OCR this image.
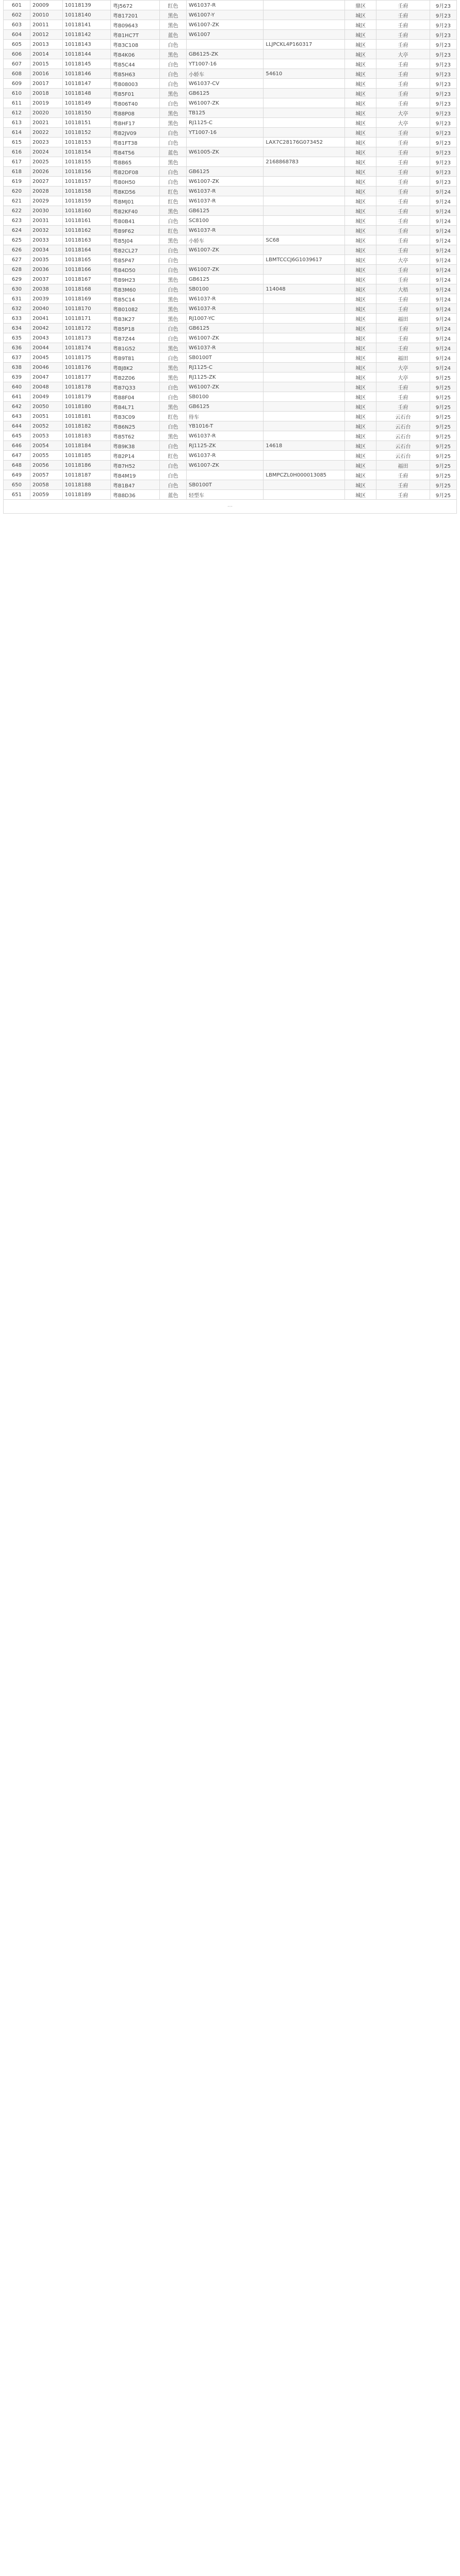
601	20009	10118139	粤J5672	红色	W61037-R		鼎区	壬府	9月23
602	20010	10118140	粤B17201	黑色	W61007-Y		城区	壬府	9月23
603	20011	10118141	粤B09643	黑色	W61007-ZK		城区	壬府	9月23
604	20012	10118142	粤B1HC7T	蓝色	W61007		城区	壬府	9月23
605	20013	10118143	粤B3C108	白色		LLJPCKL4P160317	城区	壬府	9月23
606	20014	10118144	粤B4K06	黑色	GB6125-ZK		城区	大亭	9月23
607	20015	10118145	粤B5C44	白色	YT1007-16		城区	壬府	9月23
608	20016	10118146	粤B5H63	白色	小轿车	54610	城区	壬府	9月23
609	20017	10118147	粤B08003	白色	W61037-CV		城区	壬府	9月23
610	20018	10118148	粤B5F01	黑色	GB6125		城区	壬府	9月23
611	20019	10118149	粤B06T40	白色	W61007-ZK		城区	壬府	9月23
612	20020	10118150	粤B8P08	黑色	TB125		城区	大亭	9月23
613	20021	10118151	粤BHF17	黑色	RJ1125-C		城区	大亭	9月23
614	20022	10118152	粤B2JV09	白色	YT1007-16		城区	壬府	9月23
615	20023	10118153	粤B1FT38	白色		LAX7C28176G073452	城区	壬府	9月23
616	20024	10118154	粤B4T56	蓝色	W61005-ZK		城区	壬府	9月23
617	20025	10118155	粤BB65	黑色		2168868783	城区	壬府	9月23
618	20026	10118156	粤B2DF08	白色	GB6125		城区	壬府	9月23
619	20027	10118157	粤B0H50	白色	W61007-ZK		城区	壬府	9月23
620	20028	10118158	粤BKD56	红色	W61037-R		城区	壬府	9月24
621	20029	10118159	粤BMJ01	红色	W61037-R		城区	壬府	9月24
622	20030	10118160	粤B2KF40	黑色	GB6125		城区	壬府	9月24
623	20031	10118161	粤B0B41	白色	SC8100		城区	壬府	9月24
624	20032	10118162	粤B9F62	红色	W61037-R		城区	壬府	9月24
625	20033	10118163	粤B5J04	黑色	小轿车	SC68	城区	壬府	9月24
626	20034	10118164	粤B2CL27	白色	W61007-ZK		城区	壬府	9月24
627	20035	10118165	粤B5P47	白色		LBMTCCCJ6G1039617	城区	大亭	9月24
628	20036	10118166	粤B4D50	白色	W61007-ZK		城区	壬府	9月24
629	20037	10118167	粤B9H23	黑色	GB6125		城区	壬府	9月24
630	20038	10118168	粤B3M60	白色	SB0100	114048	城区	大梧	9月24
631	20039	10118169	粤B5C14	黑色	W61037-R		城区	壬府	9月24
632	20040	10118170	粤B01082	黑色	W61037-R		城区	壬府	9月24
633	20041	10118171	粤B3K27	黑色	RJ1007-YC		城区	福田	9月24
634	20042	10118172	粤B5P18	白色	GB6125		城区	壬府	9月24
635	20043	10118173	粤B7Z44	白色	W61007-ZK		城区	壬府	9月24
636	20044	10118174	粤B1G52	黑色	W61037-R		城区	壬府	9月24
637	20045	10118175	粤B9T81	白色	SB0100T		城区	福田	9月24
638	20046	10118176	粤BJ8K2	黑色	RJ1125-C		城区	大亭	9月24
639	20047	10118177	粤B2Z06	黑色	RJ1125-ZK		城区	大亭	9月25
640	20048	10118178	粤B7Q33	白色	W61007-ZK		城区	壬府	9月25
641	20049	10118179	粤B8F04	白色	SB0100		城区	壬府	9月25
642	20050	10118180	粤B4L71	黑色	GB6125		城区	壬府	9月25
643	20051	10118181	粤B3C09	红色	待车		城区	云石台	9月25
644	20052	10118182	粤B6N25	白色	YB1016-T		城区	云石台	9月25
645	20053	10118183	粤B5T62	黑色	W61037-R		城区	云石台	9月25
646	20054	10118184	粤B9K38	白色	RJ1125-ZK	14618	城区	云石台	9月25
647	20055	10118185	粤B2P14	红色	W61037-R		城区	云石台	9月25
648	20056	10118186	粤B7H52	白色	W61007-ZK		城区	福田	9月25
649	20057	10118187	粤B4M19	白色		LBMPCZL0H000013085	城区	壬府	9月25
650	20058	10118188	粤B1B47	白色	SB0100T		城区	壬府	9月25
651	20059	10118189	粤B8D36	蓝色	轻型车		城区	壬府	9月25
⋯									
